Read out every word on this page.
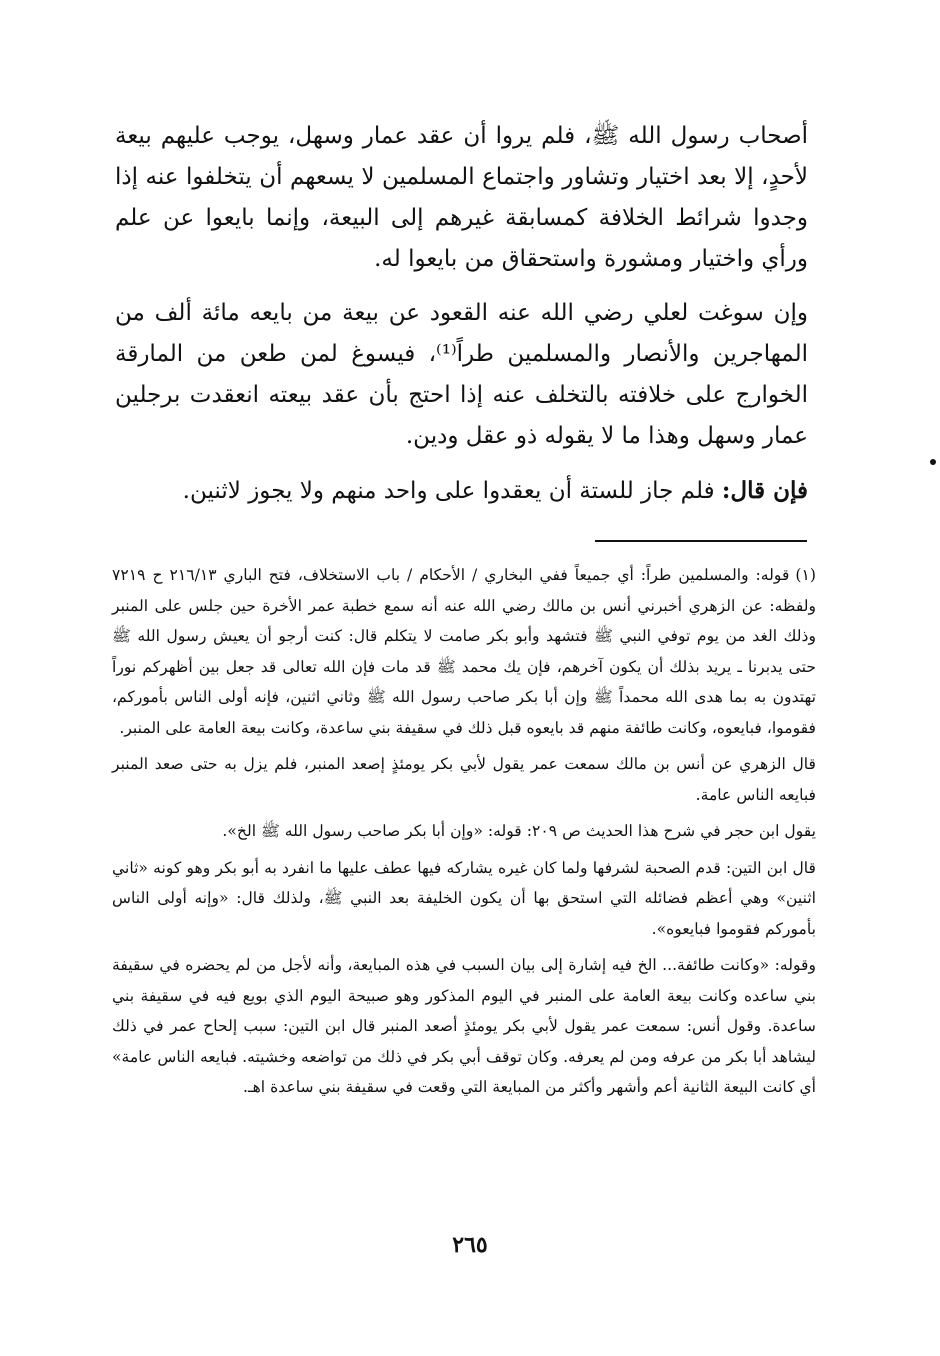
أصحاب رسول الله ﷺ، فلم يروا أن عقد عمار وسهل، يوجب عليهم بيعة لأحدٍ، إلا بعد اختيار وتشاور واجتماع المسلمين لا يسعهم أن يتخلفوا عنه إذا وجدوا شرائط الخلافة كمسابقة غيرهم إلى البيعة، وإنما بايعوا عن علم ورأي واختيار ومشورة واستحقاق من بايعوا له.

وإن سوغت لعلي رضي الله عنه القعود عن بيعة من بايعه مائة ألف من المهاجرين والأنصار والمسلمين طراً⁽¹⁾، فيسوغ لمن طعن من المارقة الخوارج على خلافته بالتخلف عنه إذا احتج بأن عقد بيعته انعقدت برجلين عمار وسهل وهذا ما لا يقوله ذو عقل ودين.

فإن قال: فلم جاز للستة أن يعقدوا على واحد منهم ولا يجوز لاثنين.

(١)قوله: والمسلمين طراً: أي جميعاً ففي البخاري / الأحكام / باب الاستخلاف، فتح الباري ٢١٦/١٣ ح ٧٢١٩ ولفظه: عن الزهري أخبرني أنس بن مالك رضي الله عنه أنه سمع خطبة عمر الأخرة حين جلس على المنبر وذلك الغد من يوم توفي النبي ﷺ فتشهد وأبو بكر صامت لا يتكلم قال: كنت أرجو أن يعيش رسول الله ﷺ حتى يدبرنا ـ يريد بذلك أن يكون آخرهم، فإن يك محمد ﷺ قد مات فإن الله تعالى قد جعل بين أظهركم نوراً تهتدون به بما هدى الله محمداً ﷺ وإن أبا بكر صاحب رسول الله ﷺ وثاني اثنين، فإنه أولى الناس بأموركم، فقوموا، فبايعوه، وكانت طائفة منهم قد بايعوه قبل ذلك في سقيفة بني ساعدة، وكانت بيعة العامة على المنبر.

قال الزهري عن أنس بن مالك سمعت عمر يقول لأبي بكر يومئذٍ إصعد المنبر، فلم يزل به حتى صعد المنبر فبايعه الناس عامة.

يقول ابن حجر في شرح هذا الحديث ص ٢٠٩: قوله: «وإن أبا بكر صاحب رسول الله ﷺ الخ».

قال ابن التين: قدم الصحبة لشرفها ولما كان غيره يشاركه فيها عطف عليها ما انفرد به أبو بكر وهو كونه «ثاني اثنين» وهي أعظم فضائله التي استحق بها أن يكون الخليفة بعد النبي ﷺ، ولذلك قال: «وإنه أولى الناس بأموركم فقوموا فبايعوه».

وقوله: «وكانت طائفة... الخ فيه إشارة إلى بيان السبب في هذه المبايعة، وأنه لأجل من لم يحضره في سقيفة بني ساعده وكانت بيعة العامة على المنبر في اليوم المذكور وهو صبيحة اليوم الذي بويع فيه في سقيفة بني ساعدة. وقول أنس: سمعت عمر يقول لأبي بكر يومئذٍ أصعد المنبر قال ابن التين: سبب إلحاح عمر في ذلك ليشاهد أبا بكر من عرفه ومن لم يعرفه. وكان توقف أبي بكر في ذلك من تواضعه وخشيته. فبايعه الناس عامة» أي كانت البيعة الثانية أعم وأشهر وأكثر من المبايعة التي وقعت في سقيفة بني ساعدة اهـ.

٢٦٥
